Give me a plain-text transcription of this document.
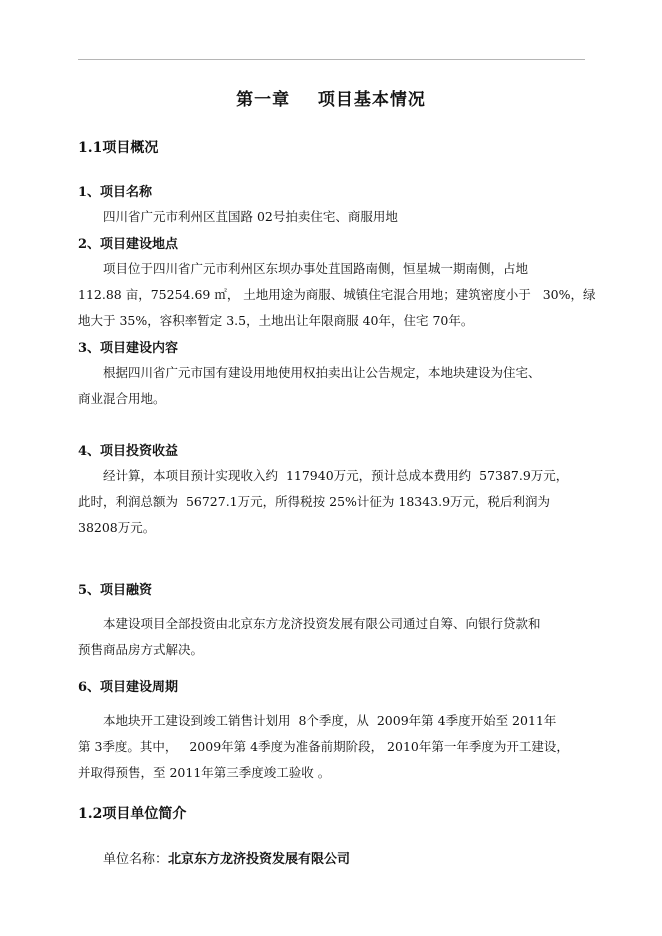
第一章    项目基本情况
1.1项目概况
1、项目名称
四川省广元市利州区苴国路 02号拍卖住宅、商服用地
2、项目建设地点
项目位于四川省广元市利州区东坝办事处苴国路南侧，恒星城一期南侧，占地
112.88 亩，75254.69 ㎡， 土地用途为商服、城镇住宅混合用地；建筑密度小于   30%，绿
地大于 35%，容积率暂定 3.5，土地出让年限商服 40年，住宅 70年。
3、项目建设内容
根据四川省广元市国有建设用地使用权拍卖出让公告规定，本地块建设为住宅、
商业混合用地。
4、项目投资收益
经计算，本项目预计实现收入约  117940万元，预计总成本费用约  57387.9万元，
此时，利润总额为  56727.1万元，所得税按 25%计征为 18343.9万元，税后利润为
38208万元。
5、项目融资
本建设项目全部投资由北京东方龙济投资发展有限公司通过自筹、向银行贷款和
预售商品房方式解决。
6、项目建设周期
本地块开工建设到竣工销售计划用  8个季度，从  2009年第 4季度开始至 2011年
第 3季度。其中，   2009年第 4季度为准备前期阶段， 2010年第一年季度为开工建设，
并取得预售，至 2011年第三季度竣工验收 。
1.2项目单位简介
单位名称：北京东方龙济投资发展有限公司
